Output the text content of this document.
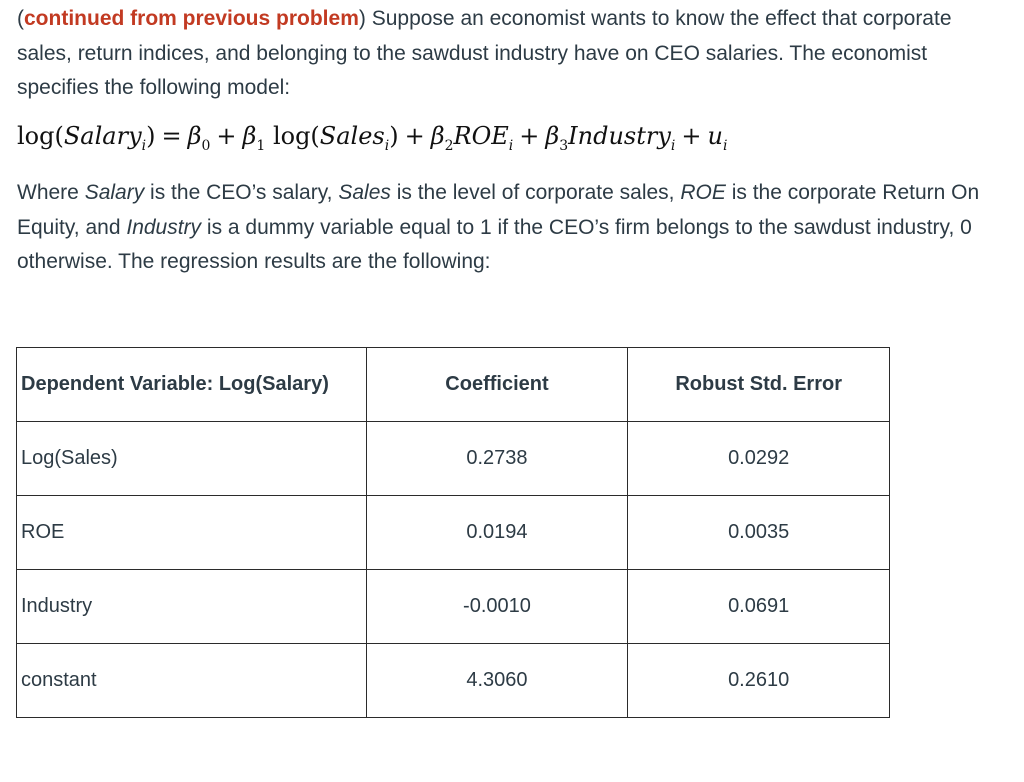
(continued from previous problem) Suppose an economist wants to know the effect that corporate sales, return indices, and belonging to the sawdust industry have on CEO salaries. The economist specifies the following model:

log(Salary$_i$) = $\beta_0 + \beta_1$ log(Sales$_i$) + $\beta_2ROE_i$ + $\beta_3Industry_i + u_i$

Where Salary is the CEO’s salary, Sales is the level of corporate sales, ROE is the corporate Return On Equity, and Industry is a dummy variable equal to 1 if the CEO’s firm belongs to the sawdust industry, 0 otherwise. The regression results are the following:

Dependent Variable: Log(Salary)	Coefficient	Robust Std. Error
Log(Sales)	0.2738	0.0292
ROE	0.0194	0.0035
Industry	-0.0010	0.0691
constant	4.3060	0.2610
